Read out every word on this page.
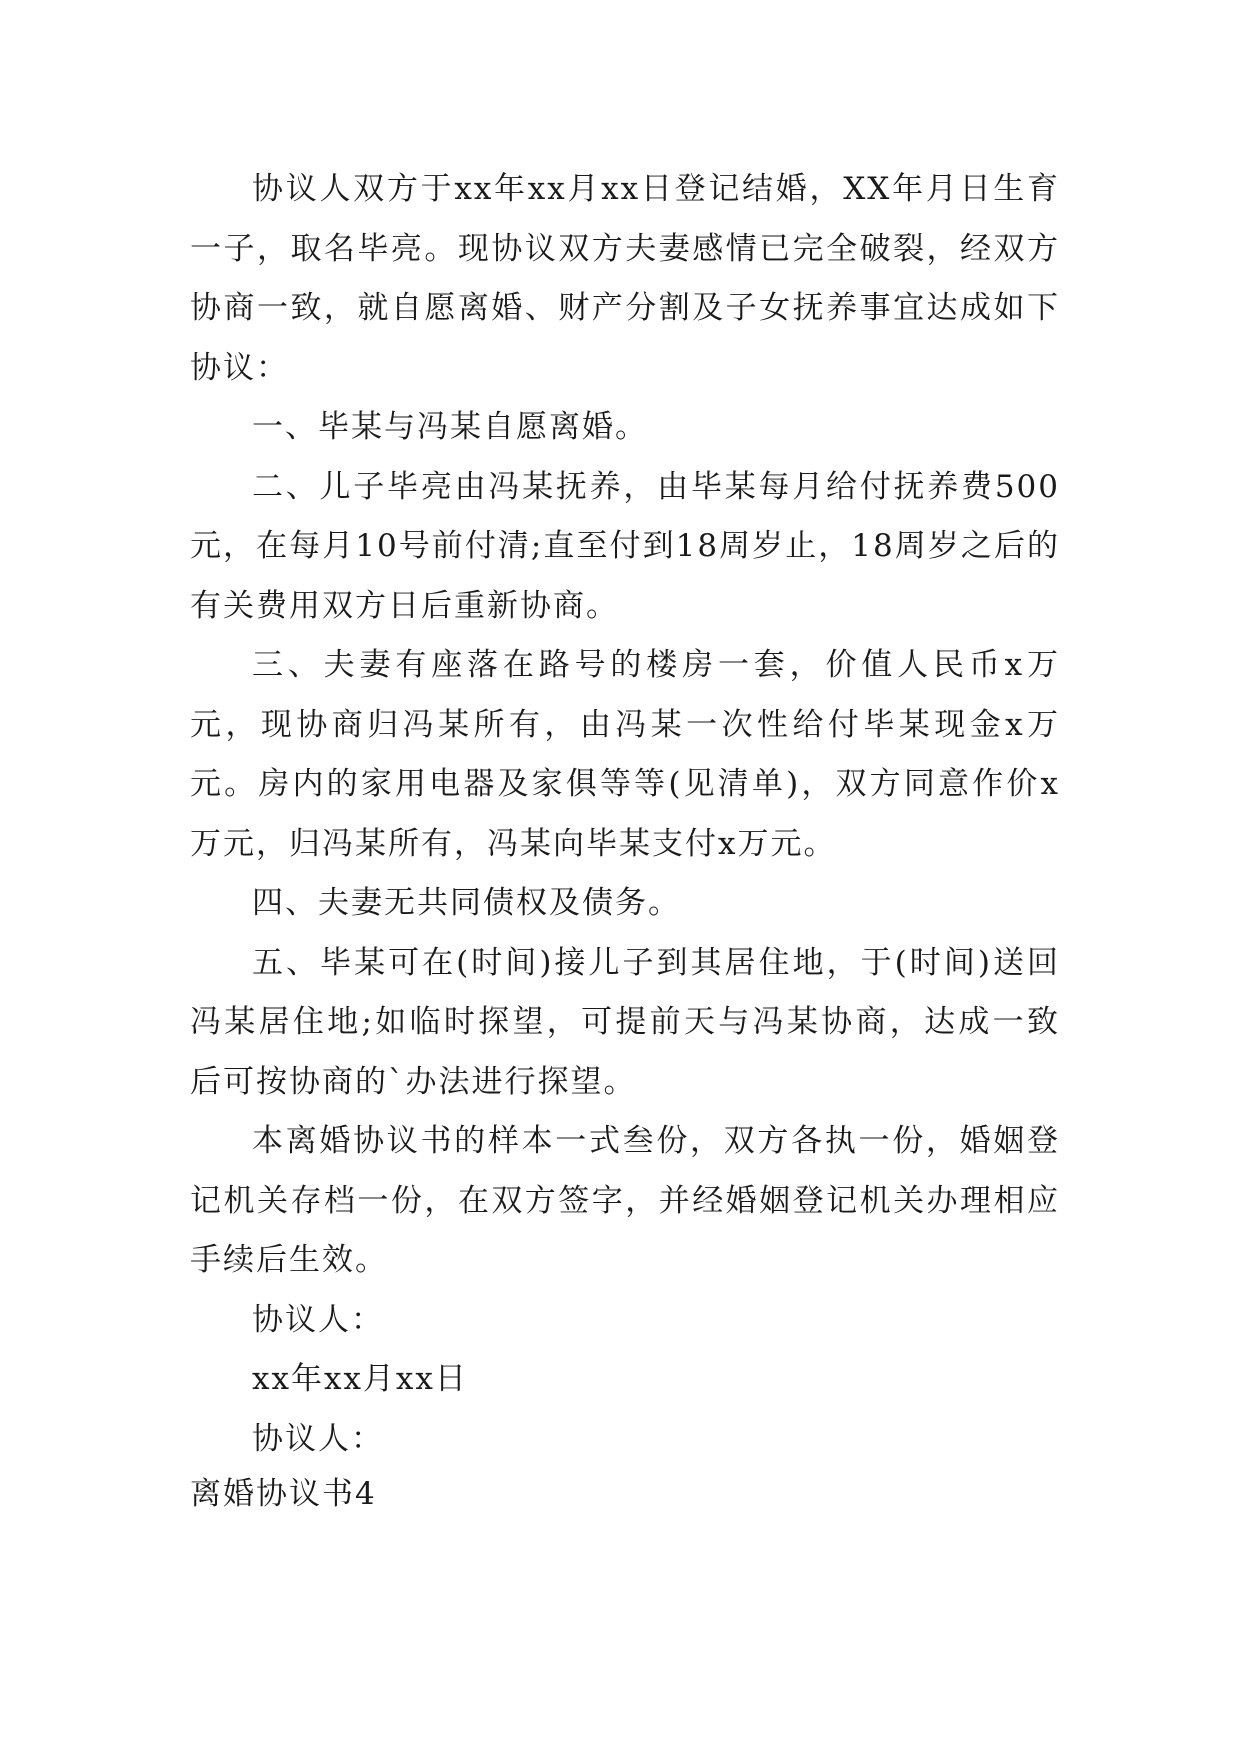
协议人双方于xx年xx月xx日登记结婚，XX年月日生育一子，取名毕亮。现协议双方夫妻感情已完全破裂，经双方协商一致，就自愿离婚、财产分割及子女抚养事宜达成如下协议：

一、毕某与冯某自愿离婚。

二、儿子毕亮由冯某抚养，由毕某每月给付抚养费500元，在每月10号前付清;直至付到18周岁止，18周岁之后的有关费用双方日后重新协商。

三、夫妻有座落在路号的楼房一套，价值人民币x万元，现协商归冯某所有，由冯某一次性给付毕某现金x万元。房内的家用电器及家俱等等(见清单)，双方同意作价x万元，归冯某所有，冯某向毕某支付x万元。

四、夫妻无共同债权及债务。

五、毕某可在(时间)接儿子到其居住地，于(时间)送回冯某居住地;如临时探望，可提前天与冯某协商，达成一致后可按协商的`办法进行探望。

本离婚协议书的样本一式叁份，双方各执一份，婚姻登记机关存档一份，在双方签字，并经婚姻登记机关办理相应手续后生效。

协议人：

xx年xx月xx日

协议人：

离婚协议书4
